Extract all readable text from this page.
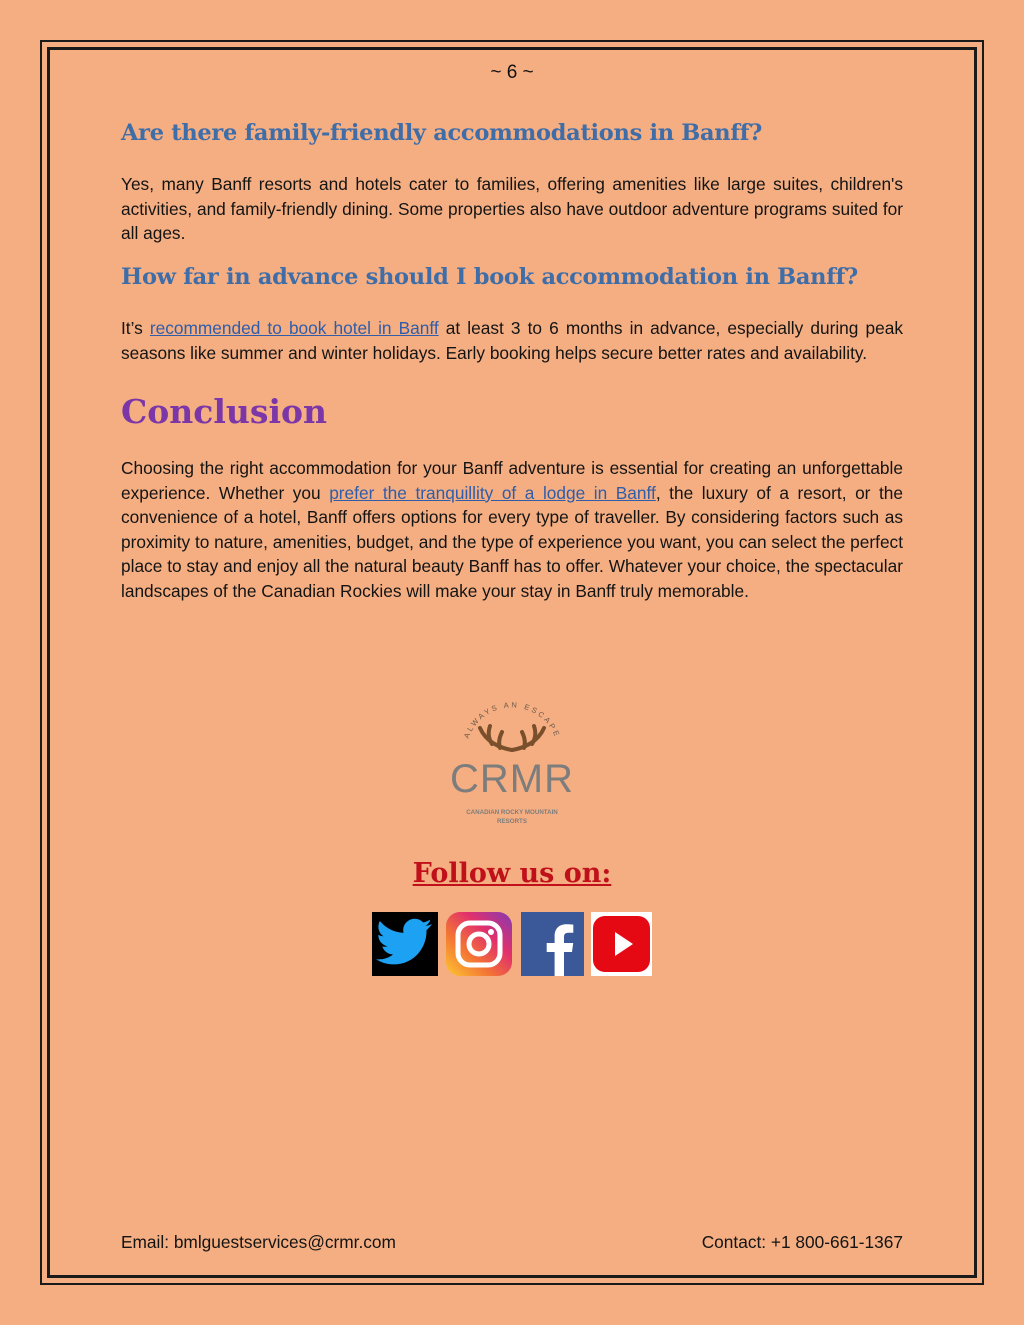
~ 6 ~
Are there family-friendly accommodations in Banff?

Yes, many Banff resorts and hotels cater to families, offering amenities like large suites, children's activities, and family-friendly dining. Some properties also have outdoor adventure programs suited for all ages.

How far in advance should I book accommodation in Banff?

It’s recommended to book hotel in Banff at least 3 to 6 months in advance, especially during peak seasons like summer and winter holidays. Early booking helps secure better rates and availability.

Conclusion

Choosing the right accommodation for your Banff adventure is essential for creating an unforgettable experience. Whether you prefer the tranquillity of a lodge in Banff, the luxury of a resort, or the convenience of a hotel, Banff offers options for every type of traveller. By considering factors such as proximity to nature, amenities, budget, and the type of experience you want, you can select the perfect place to stay and enjoy all the natural beauty Banff has to offer. Whatever your choice, the spectacular landscapes of the Canadian Rockies will make your stay in Banff truly memorable.

ALWAYS AN ESCAPE
CRMR
CANADIAN ROCKY MOUNTAIN
RESORTS
Follow us on:
Email: bmlguestservices@crmr.com	Contact: +1 800-661-1367
